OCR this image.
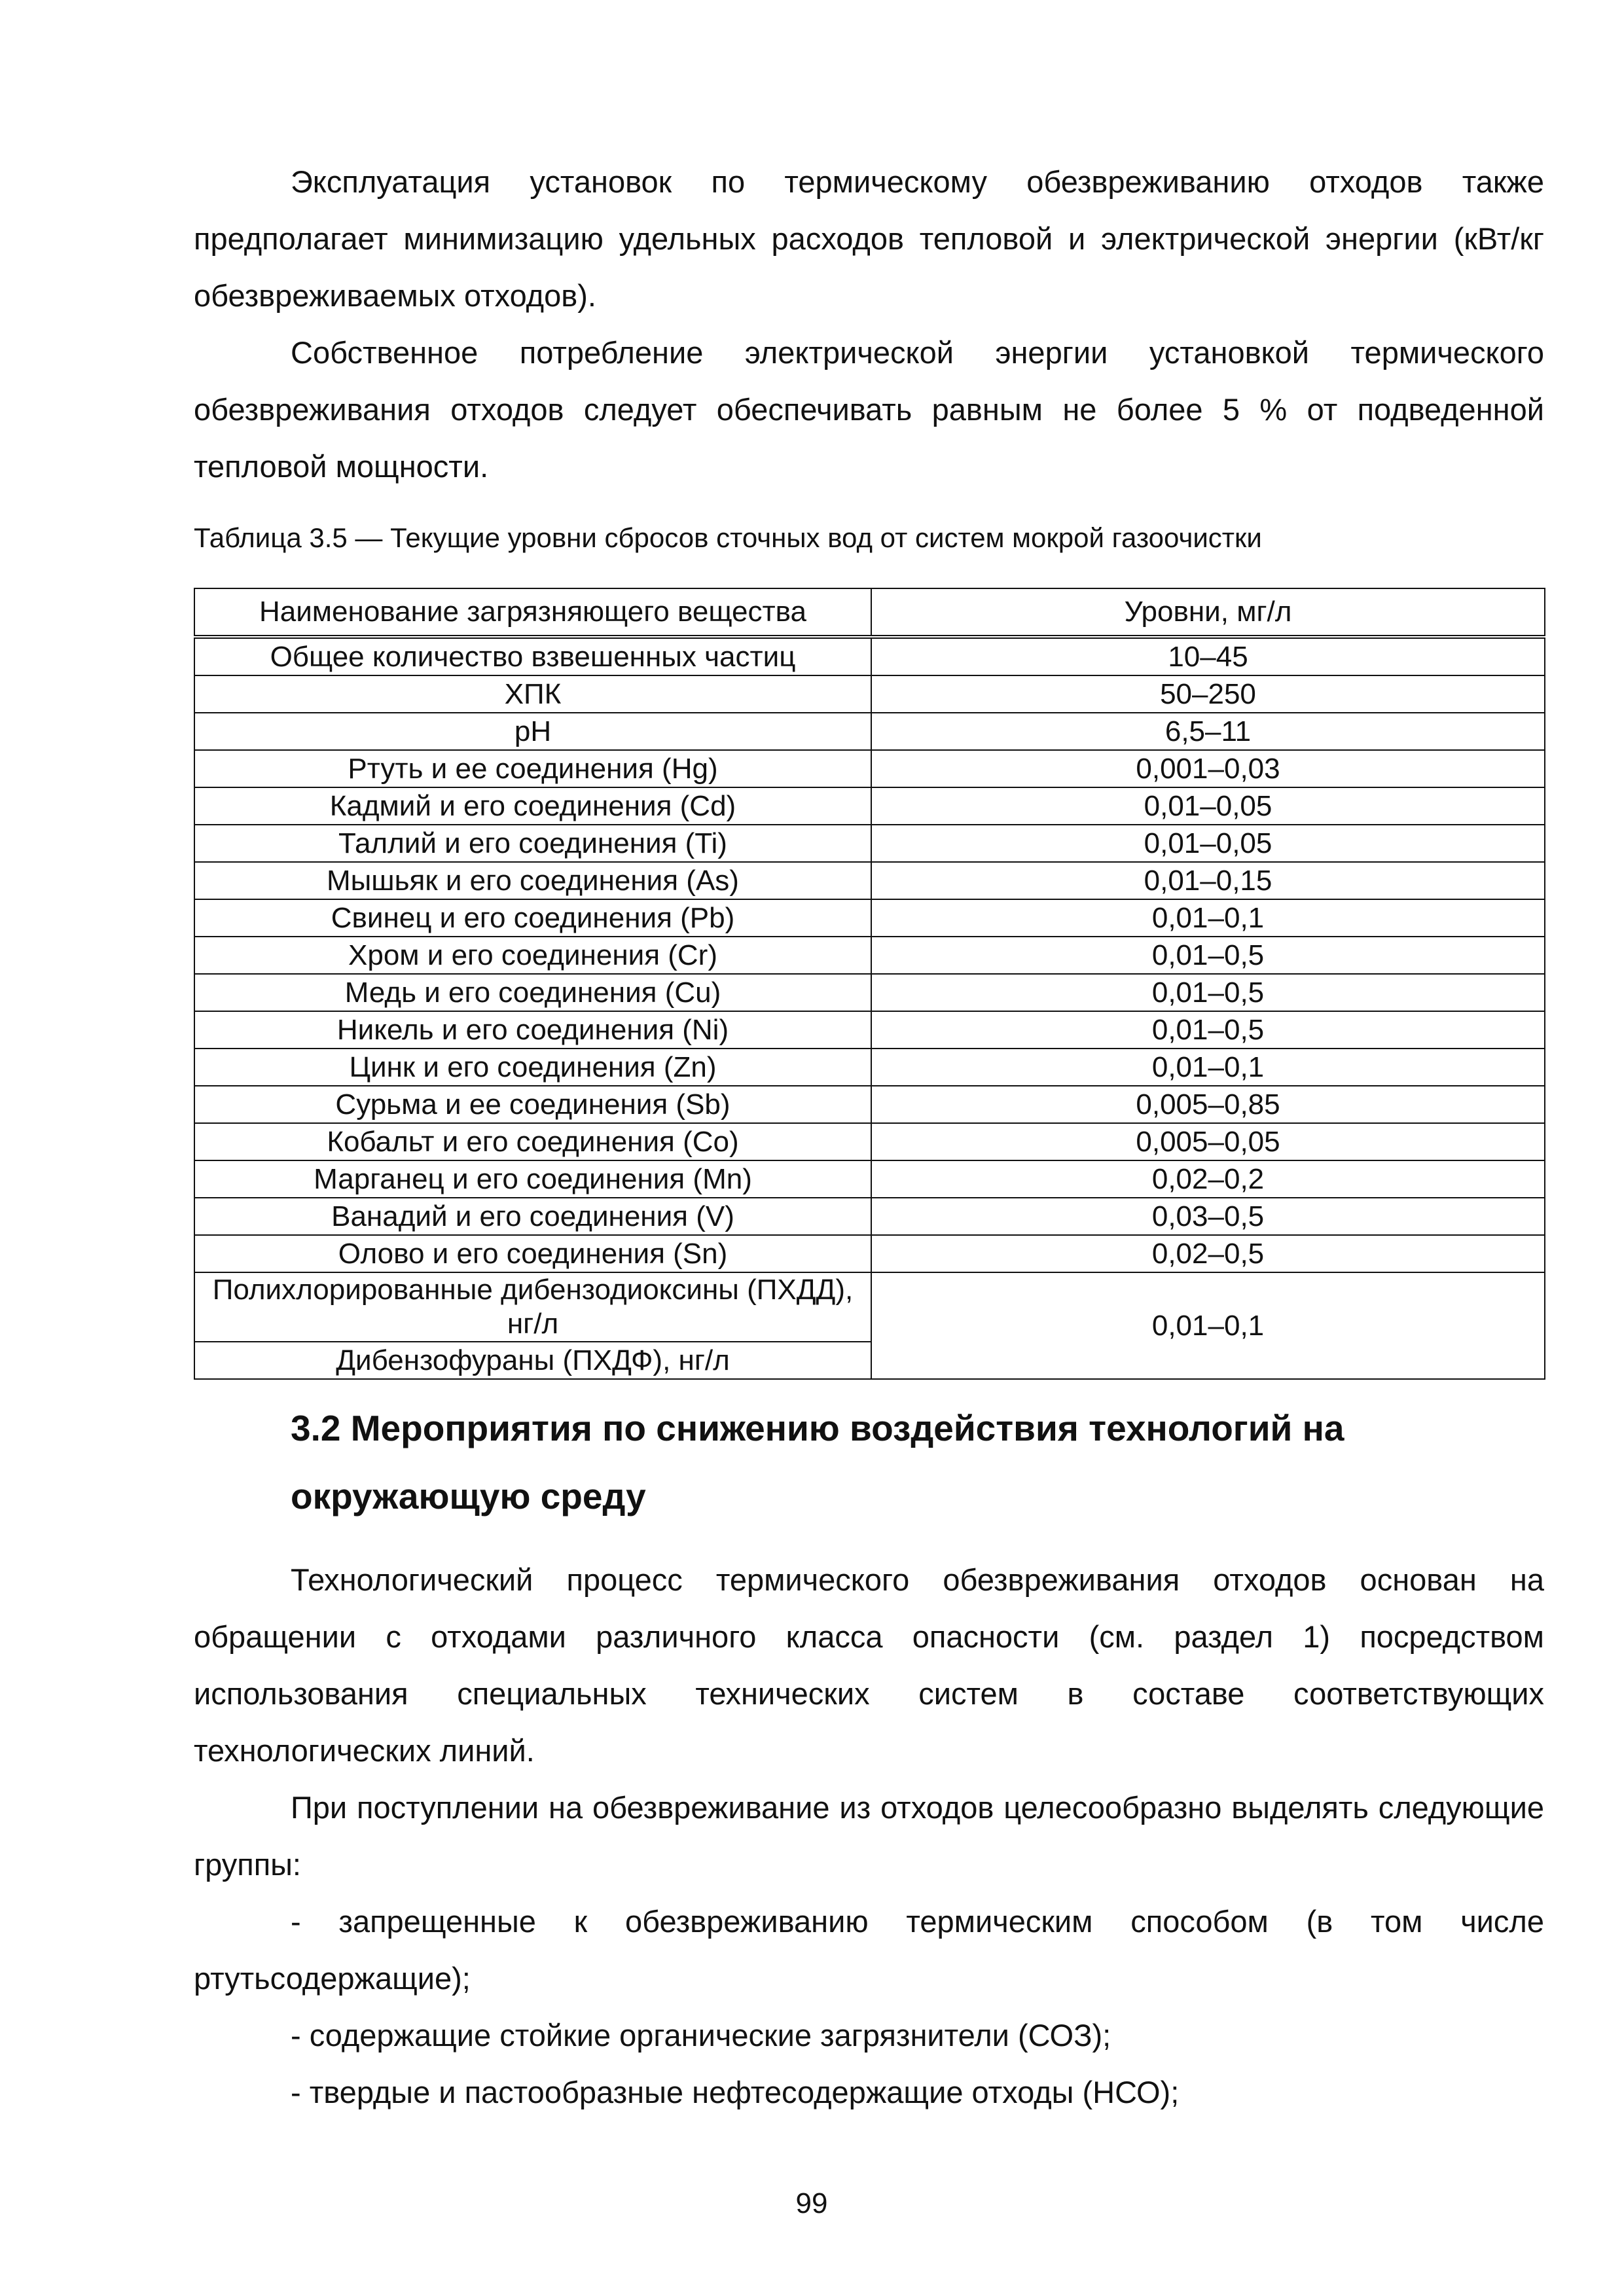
Эксплуатация установок по термическому обезвреживанию отходов также предполагает минимизацию удельных расходов тепловой и электрической энергии (кВт/кг обезвреживаемых отходов).

Собственное потребление электрической энергии установкой термического обезвреживания отходов следует обеспечивать равным не более 5 % от подведенной тепловой мощности.

Таблица 3.5 — Текущие уровни сбросов сточных вод от систем мокрой газоочистки

Наименование загрязняющего вещества	Уровни, мг/л
Общее количество взвешенных частиц	10–45
ХПК	50–250
pH	6,5–11
Ртуть и ее соединения (Hg)	0,001–0,03
Кадмий и его соединения (Cd)	0,01–0,05
Таллий и его соединения (Ti)	0,01–0,05
Мышьяк и его соединения (As)	0,01–0,15
Свинец и его соединения (Pb)	0,01–0,1
Хром и его соединения (Cr)	0,01–0,5
Медь и его соединения (Cu)	0,01–0,5
Никель и его соединения (Ni)	0,01–0,5
Цинк и его соединения (Zn)	0,01–0,1
Сурьма и ее соединения (Sb)	0,005–0,85
Кобальт и его соединения (Co)	0,005–0,05
Марганец и его соединения (Mn)	0,02–0,2
Ванадий и его соединения (V)	0,03–0,5
Олово и его соединения (Sn)	0,02–0,5
Полихлорированные дибензодиоксины (ПХДД), нг/л	0,01–0,1
Дибензофураны (ПХДФ), нг/л	
3.2 Мероприятия по снижению воздействия технологий на окружающую среду

Технологический процесс термического обезвреживания отходов основан на обращении с отходами различного класса опасности (см. раздел 1) посредством использования специальных технических систем в составе соответствующих технологических линий.

При поступлении на обезвреживание из отходов целесообразно выделять следующие группы:

- запрещенные к обезвреживанию термическим способом (в том числе ртутьсодержащие);

- содержащие стойкие органические загрязнители (СОЗ);

- твердые и пастообразные нефтесодержащие отходы (НСО);

99
